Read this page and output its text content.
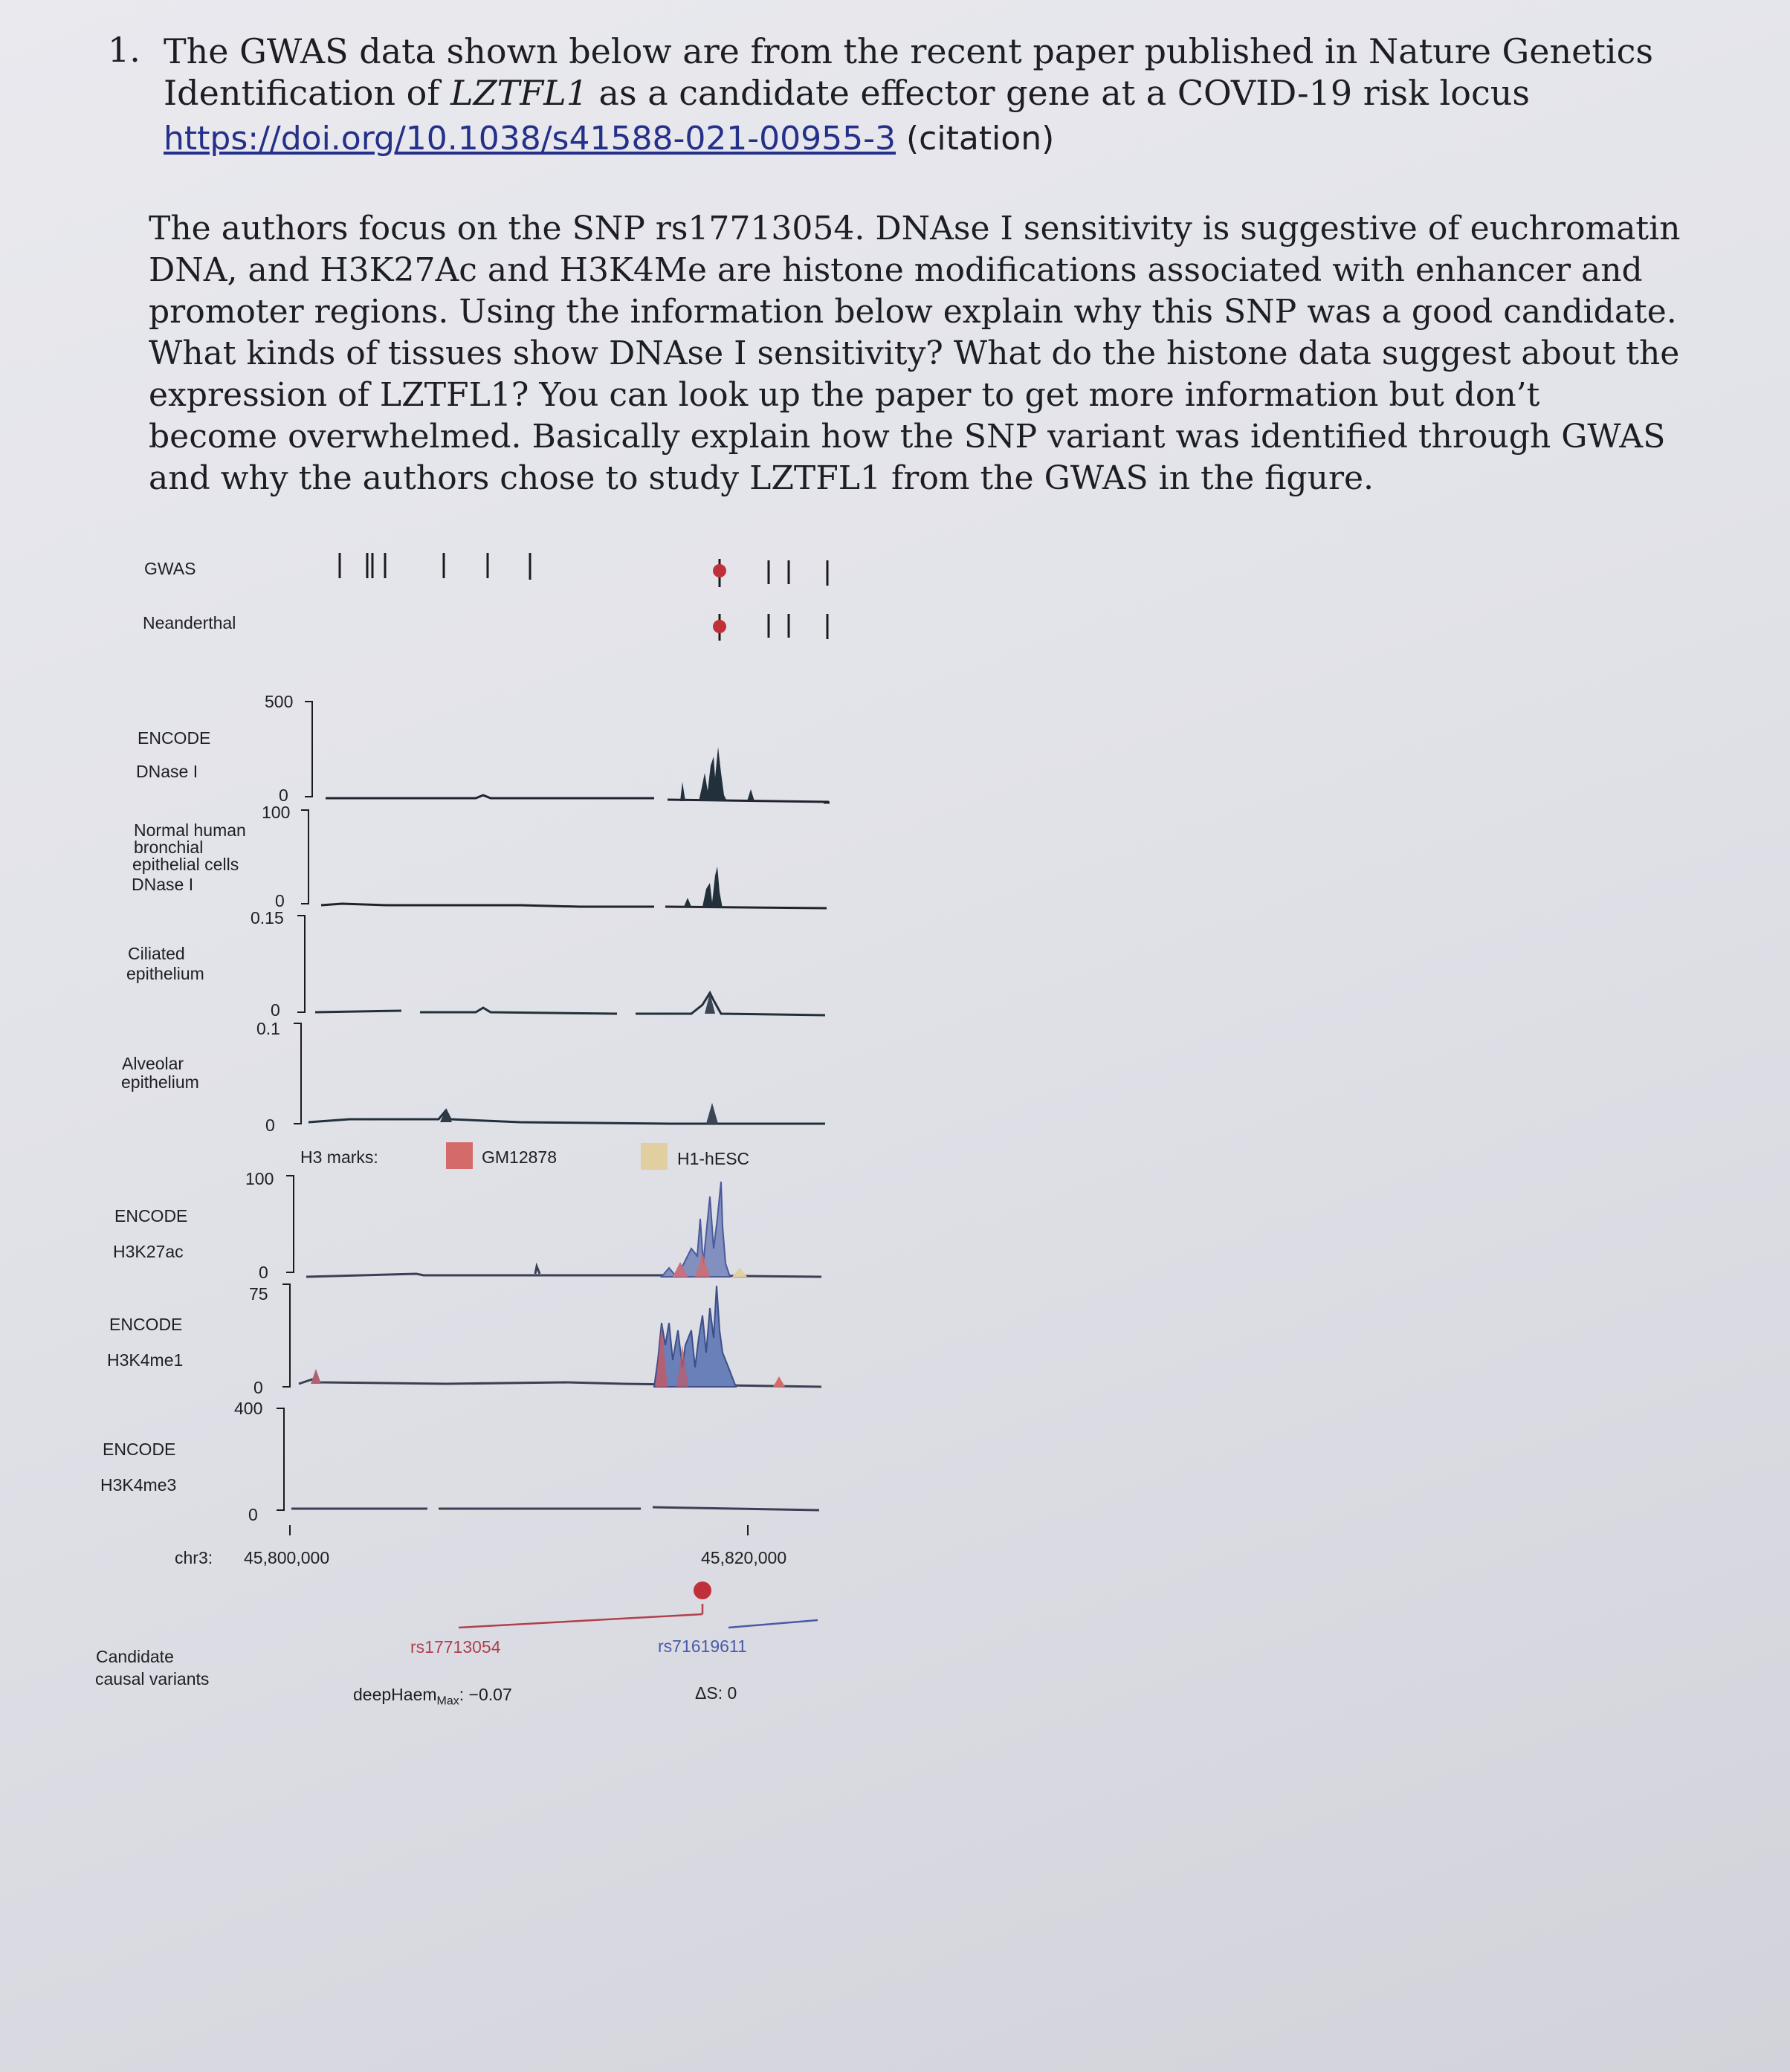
1. The GWAS data shown below are from the recent paper published in Nature Genetics
Identification of LZTFL1 as a candidate effector gene at a COVID-19 risk locus
https://doi.org/10.1038/s41588-021-00955-3 (citation)
The authors focus on the SNP rs17713054. DNAse I sensitivity is suggestive of euchromatin
DNA, and H3K27Ac and H3K4Me are histone modifications associated with enhancer and
promoter regions. Using the information below explain why this SNP was a good candidate.
What kinds of tissues show DNAse I sensitivity? What do the histone data suggest about the
expression of LZTFL1? You can look up the paper to get more information but don’t
become overwhelmed. Basically explain how the SNP variant was identified through GWAS
and why the authors chose to study LZTFL1 from the GWAS in the figure.
GWAS
Neanderthal
ENCODE
DNase I
Normal human
bronchial
epithelial cells
DNase I
Ciliated
epithelium
Alveolar
epithelium
ENCODE
H3K27ac
ENCODE
H3K4me1
ENCODE
H3K4me3
Candidate
causal variants
500
0
100
0
0.15
0
0.1
0
100
0
75
0
400
0
H3 marks:	GM12878	H1-hESC
chr3: 45,800,000	45,820,000
rs17713054	rs71619611
deepHaem$_{Max}$: −0.07	ΔS: 0
